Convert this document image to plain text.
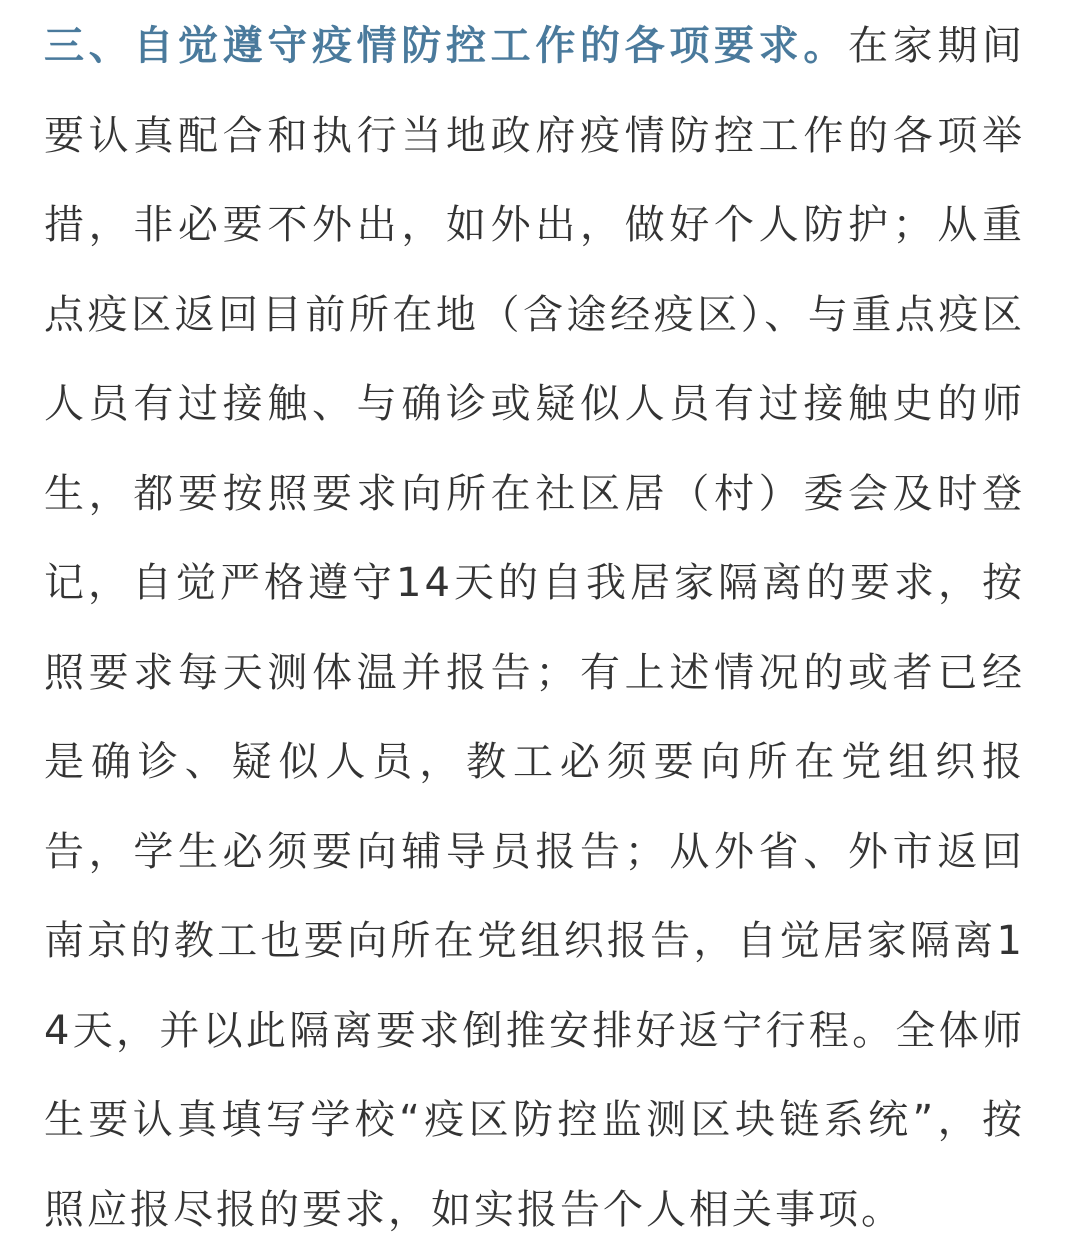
三、自觉遵守疫情防控工作的各项要求。在家期间要认真配合和执行当地政府疫情防控工作的各项举措，非必要不外出，如外出，做好个人防护；从重点疫区返回目前所在地（含途经疫区）、与重点疫区人员有过接触、与确诊或疑似人员有过接触史的师生，都要按照要求向所在社区居（村）委会及时登记，自觉严格遵守14天的自我居家隔离的要求，按照要求每天测体温并报告；有上述情况的或者已经是确诊、疑似人员，教工必须要向所在党组织报告，学生必须要向辅导员报告；从外省、外市返回南京的教工也要向所在党组织报告，自觉居家隔离14天，并以此隔离要求倒推安排好返宁行程。全体师生要认真填写学校“疫区防控监测区块链系统”，按照应报尽报的要求，如实报告个人相关事项。
